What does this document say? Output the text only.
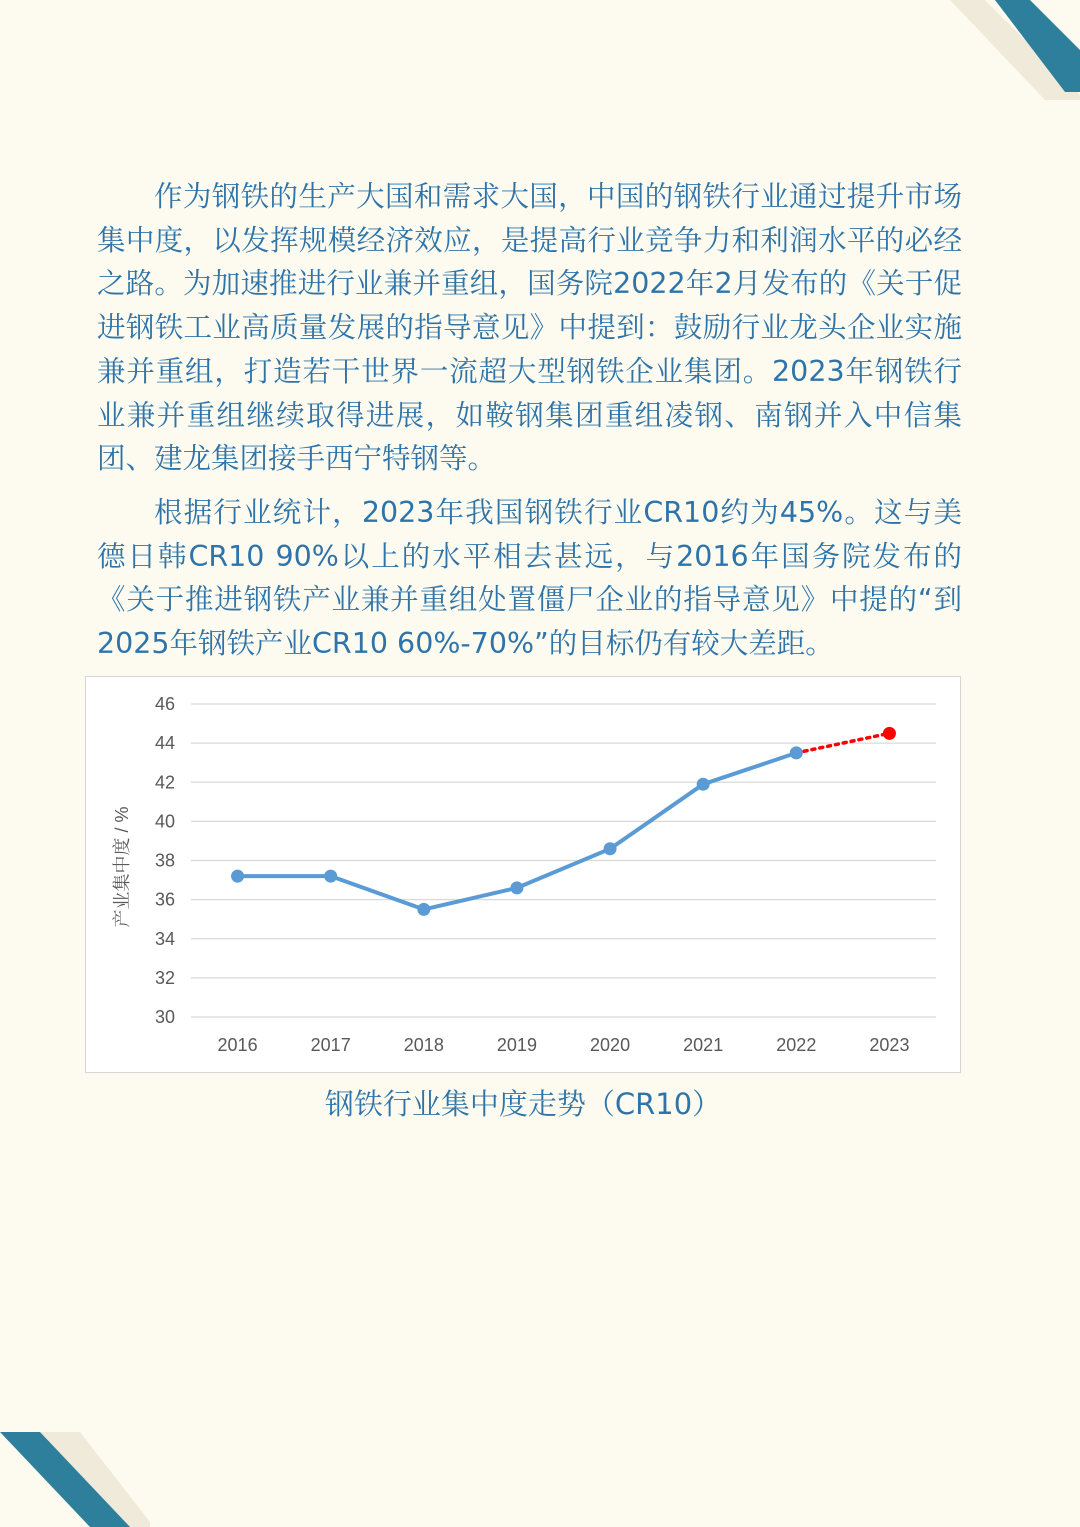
作为钢铁的生产大国和需求大国，中国的钢铁行业通过提升市场集中度，以发挥规模经济效应，是提高行业竞争力和利润水平的必经之路。为加速推进行业兼并重组，国务院2022年2月发布的《关于促进钢铁工业高质量发展的指导意见》中提到：鼓励行业龙头企业实施兼并重组，打造若干世界一流超大型钢铁企业集团。2023年钢铁行业兼并重组继续取得进展，如鞍钢集团重组凌钢、南钢并入中信集团、建龙集团接手西宁特钢等。

根据行业统计，2023年我国钢铁行业CR10约为45%。这与美德日韩CR10 90%以上的水平相去甚远，与2016年国务院发布的《关于推进钢铁产业兼并重组处置僵尸企业的指导意见》中提的“到2025年钢铁产业CR10 60%-70%”的目标仍有较大差距。

30
32
34
36
38
40
42
44
46
2016	2017	2018	2019	2020	2021	2022	2023
产业集中度 / %
钢铁行业集中度走势（CR10）
